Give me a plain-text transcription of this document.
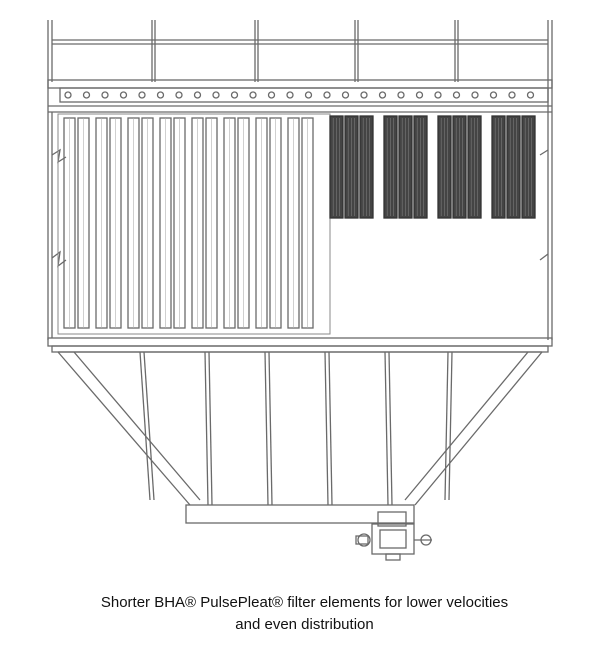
Shorter BHA® PulsePleat® filter elements for lower velocities
and even distribution
